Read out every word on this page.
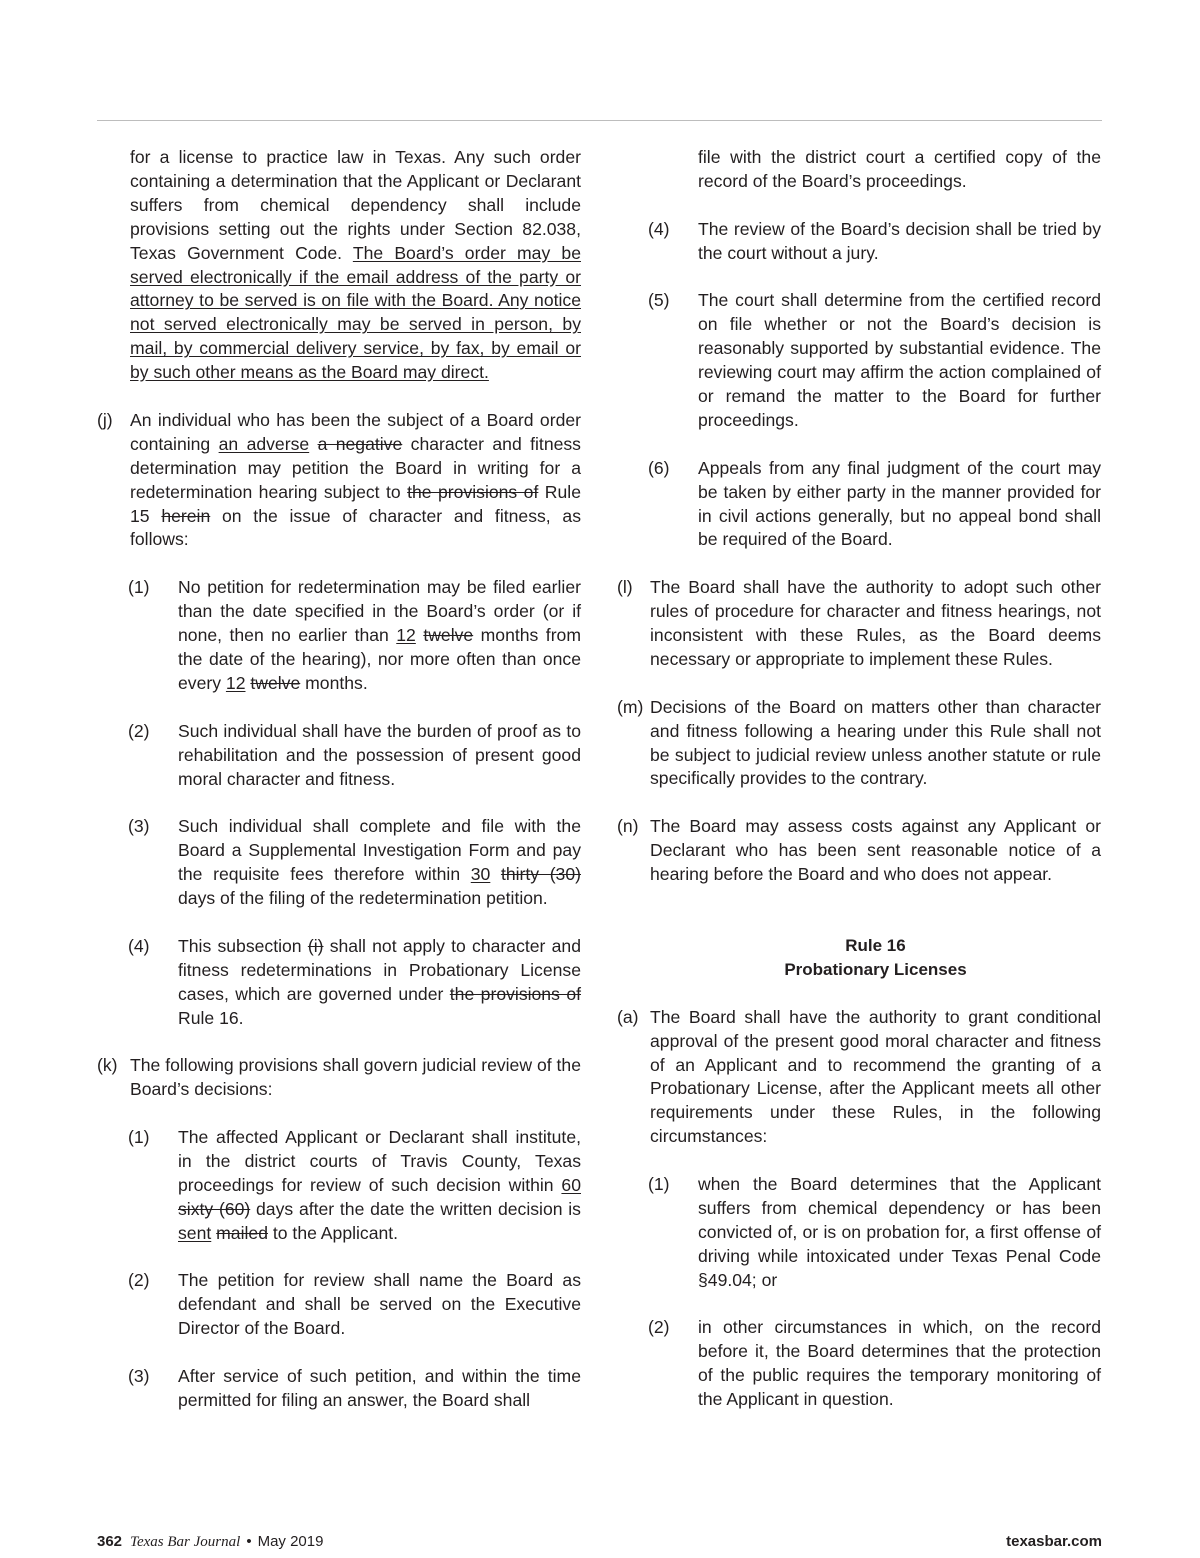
for a license to practice law in Texas. Any such order containing a determination that the Applicant or Declarant suffers from chemical dependency shall include provisions setting out the rights under Section 82.038, Texas Government Code. The Board’s order may be served electronically if the email address of the party or attorney to be served is on file with the Board. Any notice not served electronically may be served in person, by mail, by commercial delivery service, by fax, by email or by such other means as the Board may direct.

(j) An individual who has been the subject of a Board order containing an adverse a negative character and fitness determination may petition the Board in writing for a redetermination hearing subject to the provisions of Rule 15 herein on the issue of character and fitness, as follows:

(1) No petition for redetermination may be filed earlier than the date specified in the Board’s order (or if none, then no earlier than 12 twelve months from the date of the hearing), nor more often than once every 12 twelve months.

(2) Such individual shall have the burden of proof as to rehabilitation and the possession of present good moral character and fitness.

(3) Such individual shall complete and file with the Board a Supplemental Investigation Form and pay the requisite fees therefore within 30 thirty (30) days of the filing of the redetermination petition.

(4) This subsection (i) shall not apply to character and fitness redeterminations in Probationary License cases, which are governed under the provisions of Rule 16.

(k) The following provisions shall govern judicial review of the Board’s decisions:

(1) The affected Applicant or Declarant shall institute, in the district courts of Travis County, Texas proceedings for review of such decision within 60 sixty (60) days after the date the written decision is sent mailed to the Applicant.

(2) The petition for review shall name the Board as defendant and shall be served on the Executive Director of the Board.

(3) After service of such petition, and within the time permitted for filing an answer, the Board shall

file with the district court a certified copy of the record of the Board’s proceedings.

(4) The review of the Board’s decision shall be tried by the court without a jury.

(5) The court shall determine from the certified record on file whether or not the Board’s decision is reasonably supported by substantial evidence. The reviewing court may affirm the action complained of or remand the matter to the Board for further proceedings.

(6) Appeals from any final judgment of the court may be taken by either party in the manner provided for in civil actions generally, but no appeal bond shall be required of the Board.

(l) The Board shall have the authority to adopt such other rules of procedure for character and fitness hearings, not inconsistent with these Rules, as the Board deems necessary or appropriate to implement these Rules.

(m) Decisions of the Board on matters other than character and fitness following a hearing under this Rule shall not be subject to judicial review unless another statute or rule specifically provides to the contrary.

(n) The Board may assess costs against any Applicant or Declarant who has been sent reasonable notice of a hearing before the Board and who does not appear.

Rule 16
Probationary Licenses

(a) The Board shall have the authority to grant conditional approval of the present good moral character and fitness of an Applicant and to recommend the granting of a Probationary License, after the Applicant meets all other requirements under these Rules, in the following circumstances:

(1) when the Board determines that the Applicant suffers from chemical dependency or has been convicted of, or is on probation for, a first offense of driving while intoxicated under Texas Penal Code §49.04; or

(2) in other circumstances in which, on the record before it, the Board determines that the protection of the public requires the temporary monitoring of the Applicant in question.

362 Texas Bar Journal • May 2019	texasbar.com
